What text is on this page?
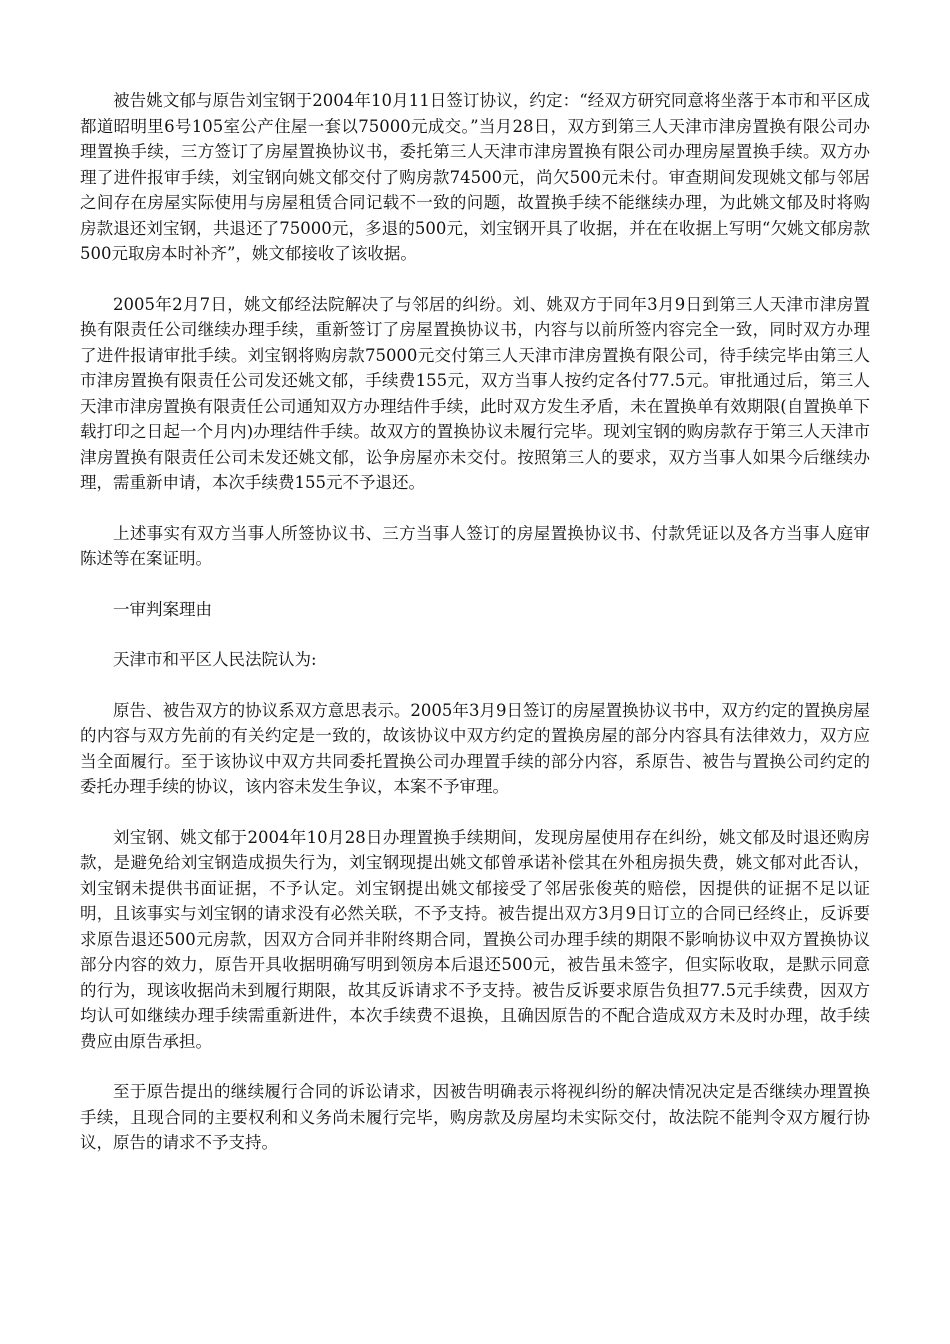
被告姚文郁与原告刘宝钢于2004年10月11日签订协议，约定：“经双方研究同意将坐落于本市和平区成都道昭明里6号105室公产住屋一套以75000元成交。”当月28日，双方到第三人天津市津房置换有限公司办理置换手续，三方签订了房屋置换协议书，委托第三人天津市津房置换有限公司办理房屋置换手续。双方办理了进件报审手续，刘宝钢向姚文郁交付了购房款74500元，尚欠500元未付。审查期间发现姚文郁与邻居之间存在房屋实际使用与房屋租赁合同记载不一致的问题，故置换手续不能继续办理，为此姚文郁及时将购房款退还刘宝钢，共退还了75000元，多退的500元，刘宝钢开具了收据，并在在收据上写明“欠姚文郁房款500元取房本时补齐”，姚文郁接收了该收据。

2005年2月7日，姚文郁经法院解决了与邻居的纠纷。刘、姚双方于同年3月9日到第三人天津市津房置换有限责任公司继续办理手续，重新签订了房屋置换协议书，内容与以前所签内容完全一致，同时双方办理了进件报请审批手续。刘宝钢将购房款75000元交付第三人天津市津房置换有限公司，待手续完毕由第三人市津房置换有限责任公司发还姚文郁，手续费155元，双方当事人按约定各付77.5元。审批通过后，第三人天津市津房置换有限责任公司通知双方办理结件手续，此时双方发生矛盾，未在置换单有效期限(自置换单下载打印之日起一个月内)办理结件手续。故双方的置换协议未履行完毕。现刘宝钢的购房款存于第三人天津市津房置换有限责任公司未发还姚文郁，讼争房屋亦未交付。按照第三人的要求，双方当事人如果今后继续办理，需重新申请，本次手续费155元不予退还。

上述事实有双方当事人所签协议书、三方当事人签订的房屋置换协议书、付款凭证以及各方当事人庭审陈述等在案证明。

一审判案理由

天津市和平区人民法院认为:

原告、被告双方的协议系双方意思表示。2005年3月9日签订的房屋置换协议书中，双方约定的置换房屋的内容与双方先前的有关约定是一致的，故该协议中双方约定的置换房屋的部分内容具有法律效力，双方应当全面履行。至于该协议中双方共同委托置换公司办理置手续的部分内容，系原告、被告与置换公司约定的委托办理手续的协议，该内容未发生争议，本案不予审理。

刘宝钢、姚文郁于2004年10月28日办理置换手续期间，发现房屋使用存在纠纷，姚文郁及时退还购房款，是避免给刘宝钢造成损失行为，刘宝钢现提出姚文郁曾承诺补偿其在外租房损失费，姚文郁对此否认，刘宝钢未提供书面证据，不予认定。刘宝钢提出姚文郁接受了邻居张俊英的赔偿，因提供的证据不足以证明，且该事实与刘宝钢的请求没有必然关联，不予支持。被告提出双方3月9日订立的合同已经终止，反诉要求原告退还500元房款，因双方合同并非附终期合同，置换公司办理手续的期限不影响协议中双方置换协议部分内容的效力，原告开具收据明确写明到领房本后退还500元，被告虽未签字，但实际收取，是默示同意的行为，现该收据尚未到履行期限，故其反诉请求不予支持。被告反诉要求原告负担77.5元手续费，因双方均认可如继续办理手续需重新进件，本次手续费不退换，且确因原告的不配合造成双方未及时办理，故手续费应由原告承担。

至于原告提出的继续履行合同的诉讼请求，因被告明确表示将视纠纷的解决情况决定是否继续办理置换手续，且现合同的主要权利和义务尚未履行完毕，购房款及房屋均未实际交付，故法院不能判令双方履行协议，原告的请求不予支持。
